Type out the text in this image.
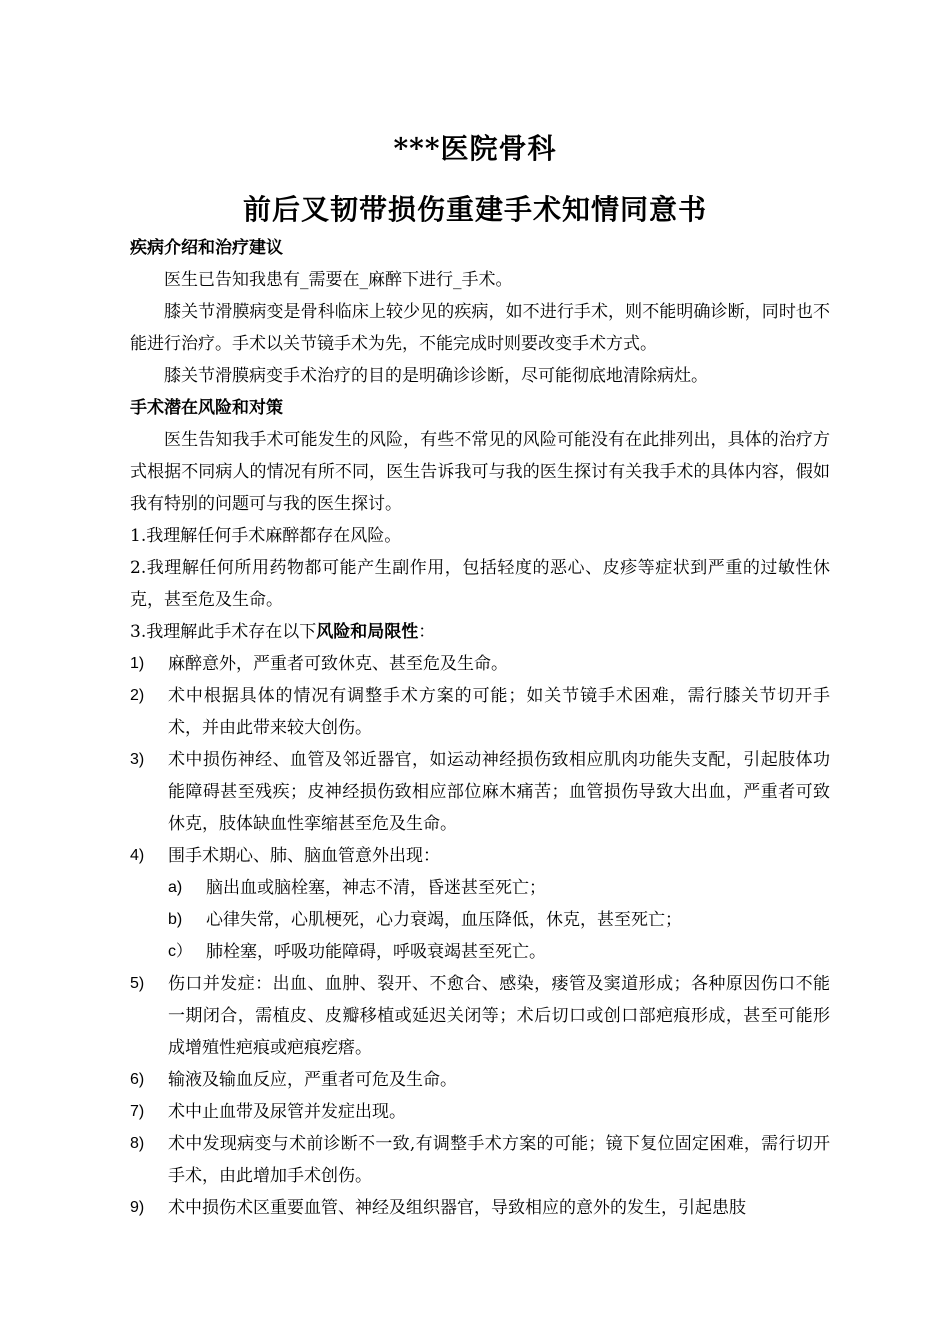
***医院骨科
前后叉韧带损伤重建手术知情同意书

疾病介绍和治疗建议

医生已告知我患有_需要在_麻醉下进行_手术。

膝关节滑膜病变是骨科临床上较少见的疾病，如不进行手术，则不能明确诊断，同时也不能进行治疗。手术以关节镜手术为先，不能完成时则要改变手术方式。

膝关节滑膜病变手术治疗的目的是明确诊诊断，尽可能彻底地清除病灶。

手术潜在风险和对策

医生告知我手术可能发生的风险，有些不常见的风险可能没有在此排列出，具体的治疗方式根据不同病人的情况有所不同，医生告诉我可与我的医生探讨有关我手术的具体内容，假如我有特别的问题可与我的医生探讨。

1.我理解任何手术麻醉都存在风险。

2.我理解任何所用药物都可能产生副作用，包括轻度的恶心、皮疹等症状到严重的过敏性休克，甚至危及生命。

3.我理解此手术存在以下风险和局限性：

1) 麻醉意外，严重者可致休克、甚至危及生命。
2) 术中根据具体的情况有调整手术方案的可能；如关节镜手术困难，需行膝关节切开手术，并由此带来较大创伤。
3) 术中损伤神经、血管及邻近器官，如运动神经损伤致相应肌肉功能失支配，引起肢体功能障碍甚至残疾；皮神经损伤致相应部位麻木痛苦；血管损伤导致大出血，严重者可致休克，肢体缺血性挛缩甚至危及生命。
4) 围手术期心、肺、脑血管意外出现：
a) 脑出血或脑栓塞，神志不清，昏迷甚至死亡；
b) 心律失常，心肌梗死，心力衰竭，血压降低，休克，甚至死亡；
c） 肺栓塞，呼吸功能障碍，呼吸衰竭甚至死亡。
5) 伤口并发症：出血、血肿、裂开、不愈合、感染，瘘管及窦道形成；各种原因伤口不能一期闭合，需植皮、皮瓣移植或延迟关闭等；术后切口或创口部疤痕形成，甚至可能形成增殖性疤痕或疤痕疙瘩。
6) 输液及输血反应，严重者可危及生命。
7) 术中止血带及尿管并发症出现。
8) 术中发现病变与术前诊断不一致,有调整手术方案的可能；镜下复位固定困难，需行切开手术，由此增加手术创伤。
9) 术中损伤术区重要血管、神经及组织器官，导致相应的意外的发生，引起患肢
